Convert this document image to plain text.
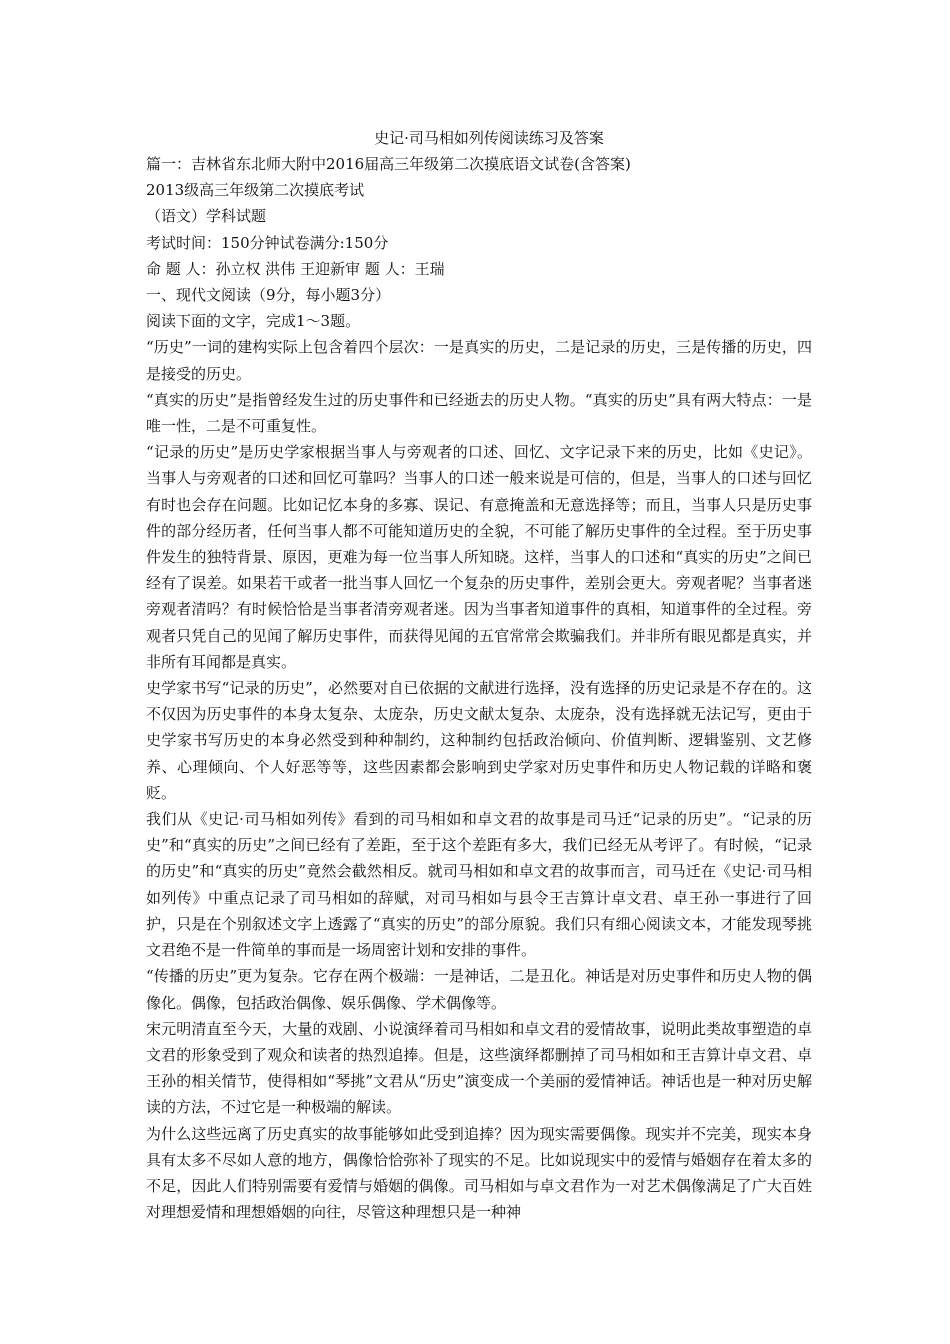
史记·司马相如列传阅读练习及答案

篇一：吉林省东北师大附中2016届高三年级第二次摸底语文试卷(含答案)

2013级高三年级第二次摸底考试

（语文）学科试题

考试时间：150分钟试卷满分:150分

命 题 人：孙立权 洪伟 王迎新审 题 人：王瑞

一、现代文阅读（9分，每小题3分）

阅读下面的文字，完成1～3题。

“历史”一词的建构实际上包含着四个层次：一是真实的历史，二是记录的历史，三是传播的历史，四是接受的历史。

“真实的历史”是指曾经发生过的历史事件和已经逝去的历史人物。“真实的历史”具有两大特点：一是唯一性，二是不可重复性。

“记录的历史”是历史学家根据当事人与旁观者的口述、回忆、文字记录下来的历史，比如《史记》。当事人与旁观者的口述和回忆可靠吗？当事人的口述一般来说是可信的，但是，当事人的口述与回忆有时也会存在问题。比如记忆本身的多寡、误记、有意掩盖和无意选择等；而且，当事人只是历史事件的部分经历者，任何当事人都不可能知道历史的全貌，不可能了解历史事件的全过程。至于历史事件发生的独特背景、原因，更难为每一位当事人所知晓。这样，当事人的口述和“真实的历史”之间已经有了误差。如果若干或者一批当事人回忆一个复杂的历史事件，差别会更大。旁观者呢？当事者迷旁观者清吗？有时候恰恰是当事者清旁观者迷。因为当事者知道事件的真相，知道事件的全过程。旁观者只凭自己的见闻了解历史事件，而获得见闻的五官常常会欺骗我们。并非所有眼见都是真实，并非所有耳闻都是真实。

史学家书写“记录的历史”，必然要对自已依据的文献进行选择，没有选择的历史记录是不存在的。这不仅因为历史事件的本身太复杂、太庞杂，历史文献太复杂、太庞杂，没有选择就无法记写，更由于史学家书写历史的本身必然受到种种制约，这种制约包括政治倾向、价值判断、逻辑鉴别、文艺修养、心理倾向、个人好恶等等，这些因素都会影响到史学家对历史事件和历史人物记载的详略和褒贬。

我们从《史记·司马相如列传》看到的司马相如和卓文君的故事是司马迁“记录的历史”。“记录的历史”和“真实的历史”之间已经有了差距，至于这个差距有多大，我们已经无从考评了。有时候，“记录的历史”和“真实的历史”竟然会截然相反。就司马相如和卓文君的故事而言，司马迁在《史记·司马相如列传》中重点记录了司马相如的辞赋，对司马相如与县令王吉算计卓文君、卓王孙一事进行了回护，只是在个别叙述文字上透露了“真实的历史”的部分原貌。我们只有细心阅读文本，才能发现琴挑文君绝不是一件简单的事而是一场周密计划和安排的事件。

“传播的历史”更为复杂。它存在两个极端：一是神话，二是丑化。神话是对历史事件和历史人物的偶像化。偶像，包括政治偶像、娱乐偶像、学术偶像等。

宋元明清直至今天，大量的戏剧、小说演绎着司马相如和卓文君的爱情故事，说明此类故事塑造的卓文君的形象受到了观众和读者的热烈追捧。但是，这些演绎都删掉了司马相如和王吉算计卓文君、卓王孙的相关情节，使得相如“琴挑”文君从“历史”演变成一个美丽的爱情神话。神话也是一种对历史解读的方法，不过它是一种极端的解读。

为什么这些远离了历史真实的故事能够如此受到追捧？因为现实需要偶像。现实并不完美，现实本身具有太多不尽如人意的地方，偶像恰恰弥补了现实的不足。比如说现实中的爱情与婚姻存在着太多的不足，因此人们特别需要有爱情与婚姻的偶像。司马相如与卓文君作为一对艺术偶像满足了广大百姓对理想爱情和理想婚姻的向往，尽管这种理想只是一种神
